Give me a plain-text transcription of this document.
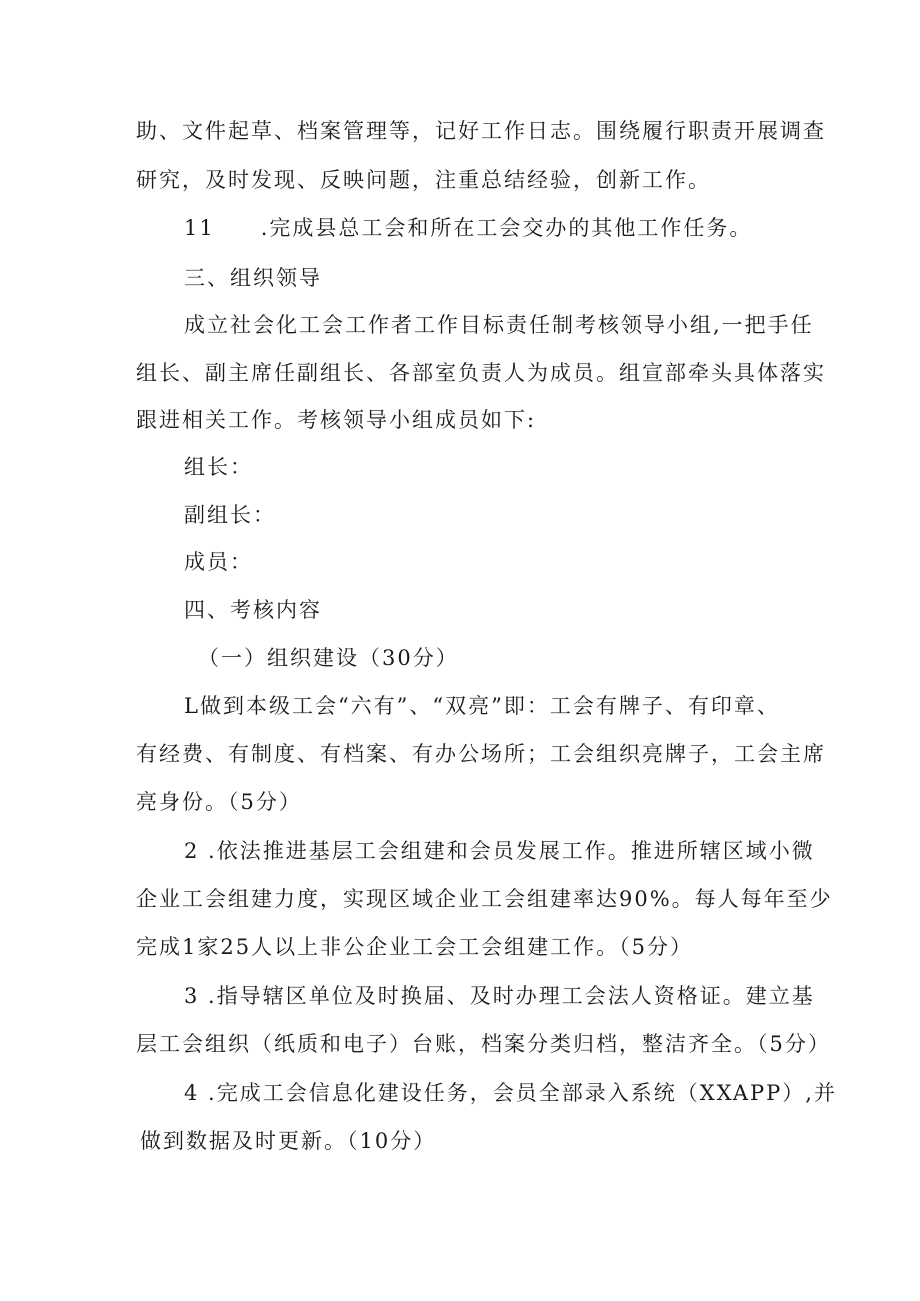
助、文件起草、档案管理等，记好工作日志。围绕履行职责开展调查

研究，及时发现、反映问题，注重总结经验，创新工作。

11　　.完成县总工会和所在工会交办的其他工作任务。

三、组织领导

成立社会化工会工作者工作目标责任制考核领导小组,一把手任

组长、副主席任副组长、各部室负责人为成员。组宣部牵头具体落实

跟进相关工作。考核领导小组成员如下:

组长：

副组长：

成员：

四、考核内容

（一）组织建设（30分）

L做到本级工会“六有”、“双亮”即：工会有牌子、有印章、

有经费、有制度、有档案、有办公场所；工会组织亮牌子，工会主席

亮身份。（5分）

2 .依法推进基层工会组建和会员发展工作。推进所辖区域小微

企业工会组建力度，实现区域企业工会组建率达90%。每人每年至少

完成1家25人以上非公企业工会工会组建工作。（5分）

3 .指导辖区单位及时换届、及时办理工会法人资格证。建立基

层工会组织（纸质和电子）台账，档案分类归档，整洁齐全。（5分）

4 .完成工会信息化建设任务，会员全部录入系统（XXAPP）,并

做到数据及时更新。（10分）
